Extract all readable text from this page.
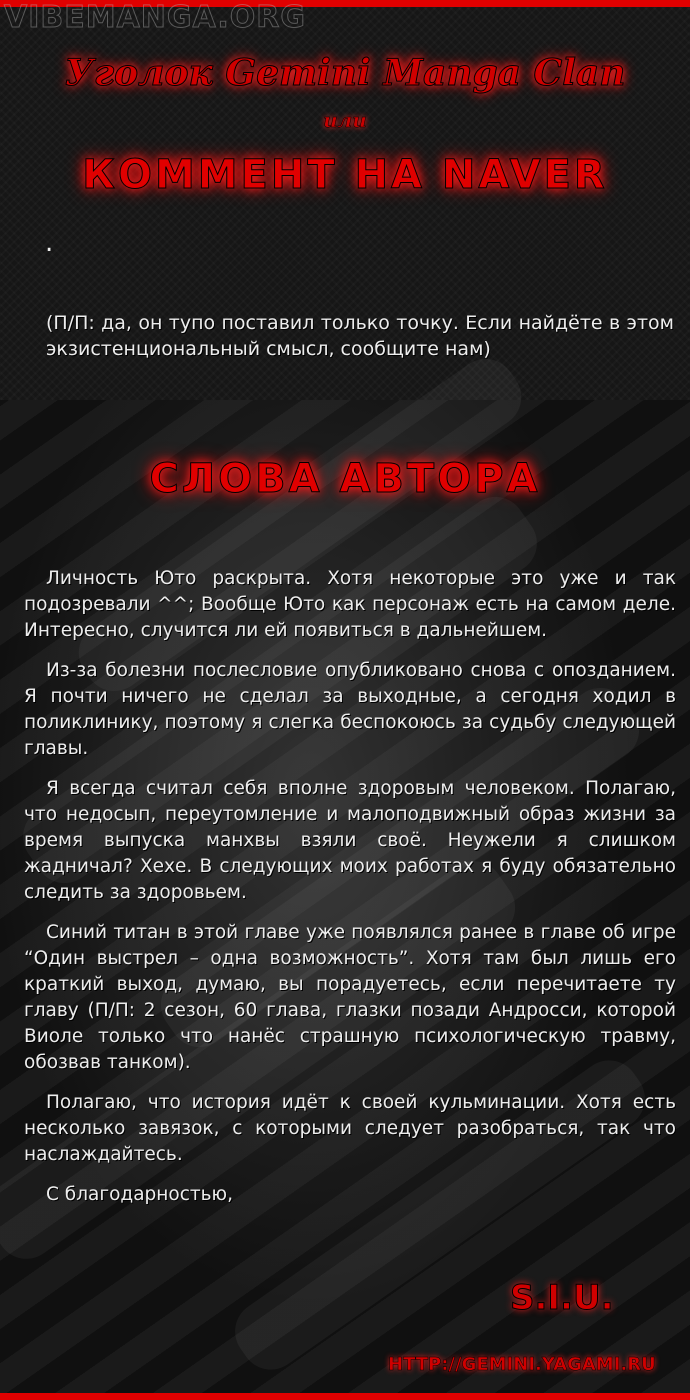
VIBEMANGA.ORG
Уголок Gemini Manga Clan
или
КОММЕНТ НА NAVER
.
(П/П: да, он тупо поставил только точку. Если найдёте в этом экзистенциональный смысл, сообщите нам)
СЛОВА АВТОРА

Личность Юто раскрыта. Хотя некоторые это уже и так подозревали ^^; Вообще Юто как персонаж есть на самом деле. Интересно, случится ли ей появиться в дальнейшем.

Из-за болезни послесловие опубликовано снова с опозданием. Я почти ничего не сделал за выходные, а сегодня ходил в поликлинику, поэтому я слегка беспокоюсь за судьбу следующей главы.

Я всегда считал себя вполне здоровым человеком. Полагаю, что недосып, переутомление и малоподвижный образ жизни за время выпуска манхвы взяли своё. Неужели я слишком жадничал? Хехе. В следующих моих работах я буду обязательно следить за здоровьем.

Синий титан в этой главе уже появлялся ранее в главе об игре “Один выстрел – одна возможность”. Хотя там был лишь его краткий выход, думаю, вы порадуетесь, если перечитаете ту главу (П/П: 2 сезон, 60 глава, глазки позади Андросси, которой Виоле только что нанёс страшную психологическую травму, обозвав танком).

Полагаю, что история идёт к своей кульминации. Хотя есть несколько завязок, с которыми следует разобраться, так что наслаждайтесь.

С благодарностью,

S.I.U.
HTTP://GEMINI.YAGAMI.RU
